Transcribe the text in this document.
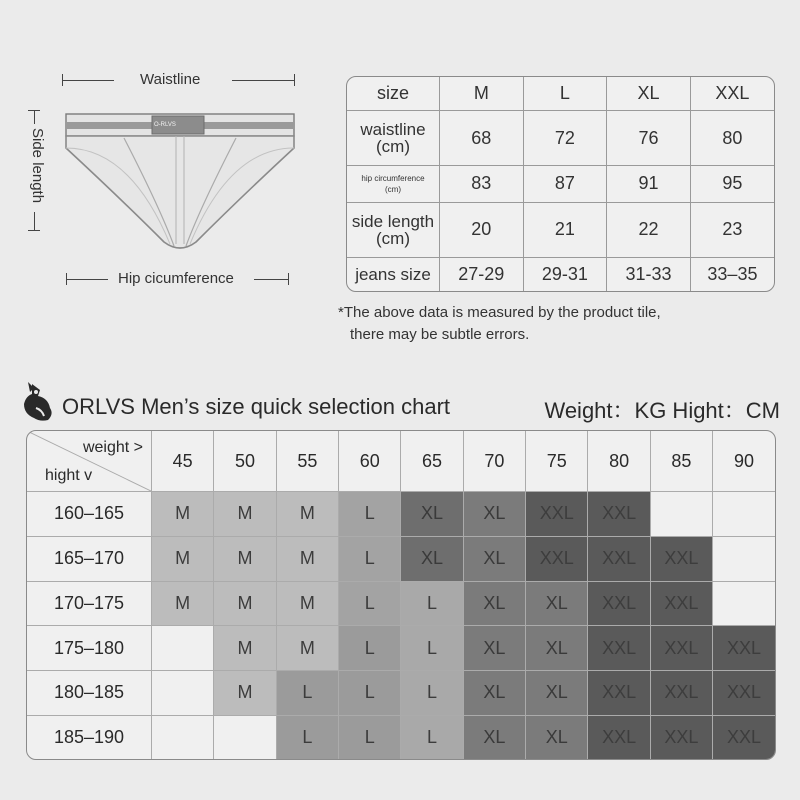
Waistline
Side length
O-RLVS
Hip cicumference
size	M	L	XL	XXL

waistline
(cm)	68	72	76	80

hip circumference
(cm)	83	87	91	95

side length
(cm)	20	21	22	23

jeans size	27-29	29-31	31-33	33–35
*The above data is measured by the product tile,
there may be subtle errors.
ORLVS Men’s size quick selection chart	Weight：KG Hight：CM
weight >
hight v	45	50	55	60	65	70	75	80	85	90
160–165	M	M	M	L	XL	XL	XXL	XXL		
165–170	M	M	M	L	XL	XL	XXL	XXL	XXL	
170–175	M	M	M	L	L	XL	XL	XXL	XXL	
175–180		M	M	L	L	XL	XL	XXL	XXL	XXL
180–185		M	L	L	L	XL	XL	XXL	XXL	XXL
185–190			L	L	L	XL	XL	XXL	XXL	XXL
